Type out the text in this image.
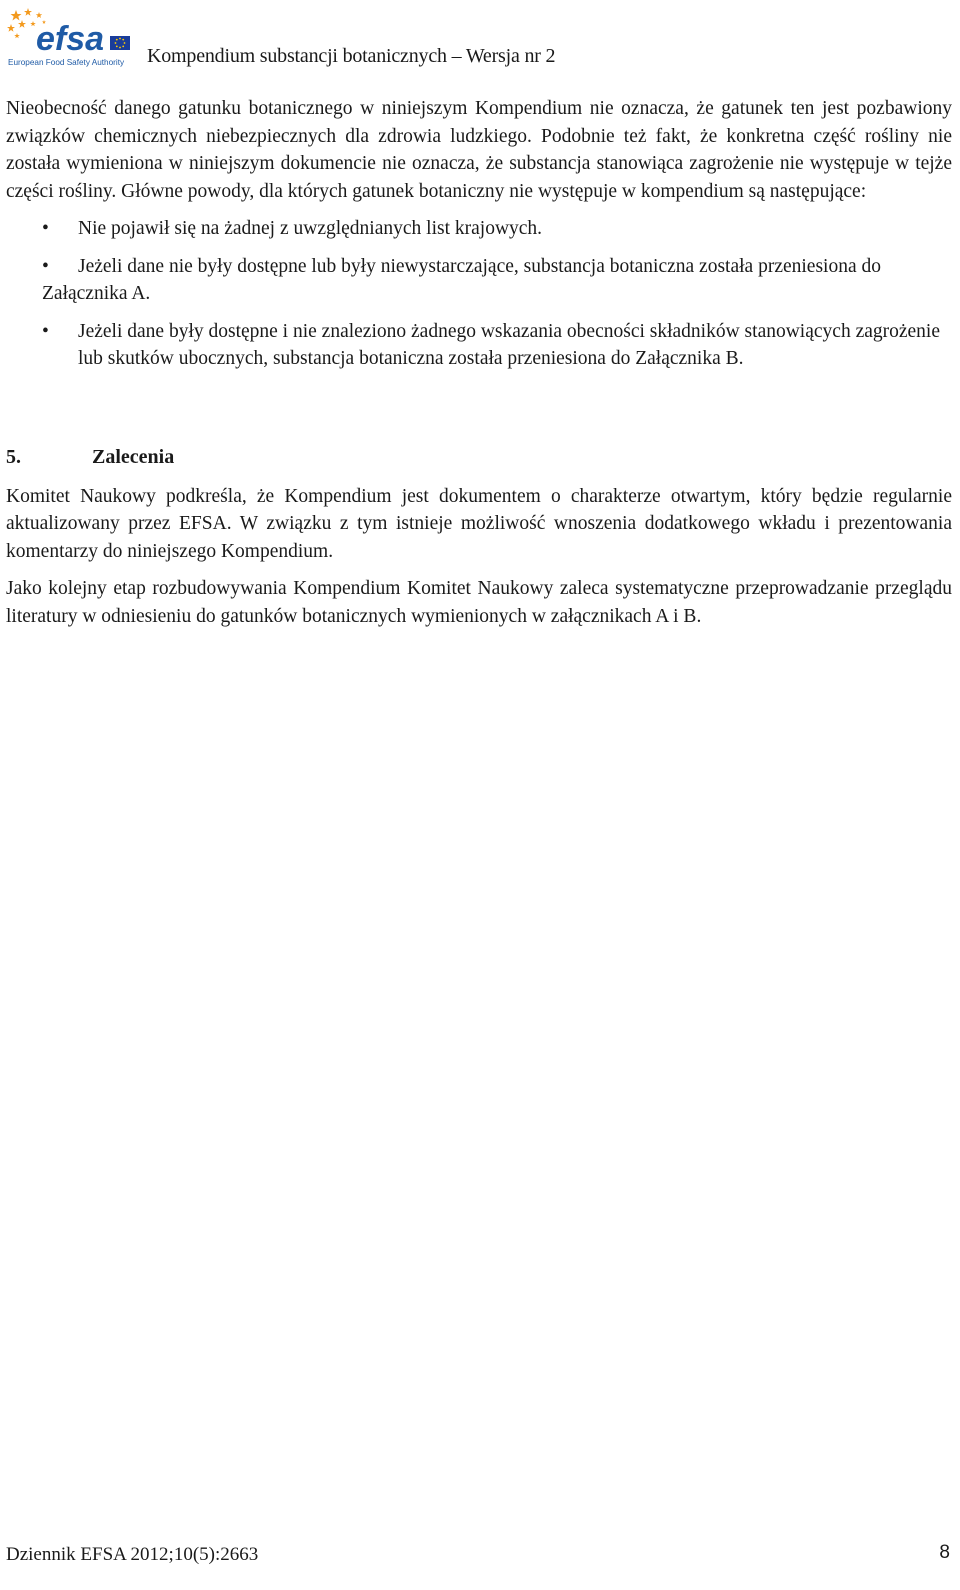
efsa
European Food Safety Authority Kompendium substancji botanicznych – Wersja nr 2

Nieobecność danego gatunku botanicznego w niniejszym Kompendium nie oznacza, że gatunek ten jest pozbawiony związków chemicznych niebezpiecznych dla zdrowia ludzkiego. Podobnie też fakt, że konkretna część rośliny nie została wymieniona w niniejszym dokumencie nie oznacza, że substancja stanowiąca zagrożenie nie występuje w tejże części rośliny. Główne powody, dla których gatunek botaniczny nie występuje w kompendium są następujące:

• Nie pojawił się na żadnej z uwzględnianych list krajowych.
• Jeżeli dane nie były dostępne lub były niewystarczające, substancja botaniczna została przeniesiona do Załącznika A.
• Jeżeli dane były dostępne i nie znaleziono żadnego wskazania obecności składników stanowiących zagrożenie lub skutków ubocznych, substancja botaniczna została przeniesiona do Załącznika B.
5.	Zalecenia

Komitet Naukowy podkreśla, że Kompendium jest dokumentem o charakterze otwartym, który będzie regularnie aktualizowany przez EFSA. W związku z tym istnieje możliwość wnoszenia dodatkowego wkładu i prezentowania komentarzy do niniejszego Kompendium.

Jako kolejny etap rozbudowywania Kompendium Komitet Naukowy zaleca systematyczne przeprowadzanie przeglądu literatury w odniesieniu do gatunków botanicznych wymienionych w załącznikach A i B.

Dziennik EFSA 2012;10(5):2663	8
